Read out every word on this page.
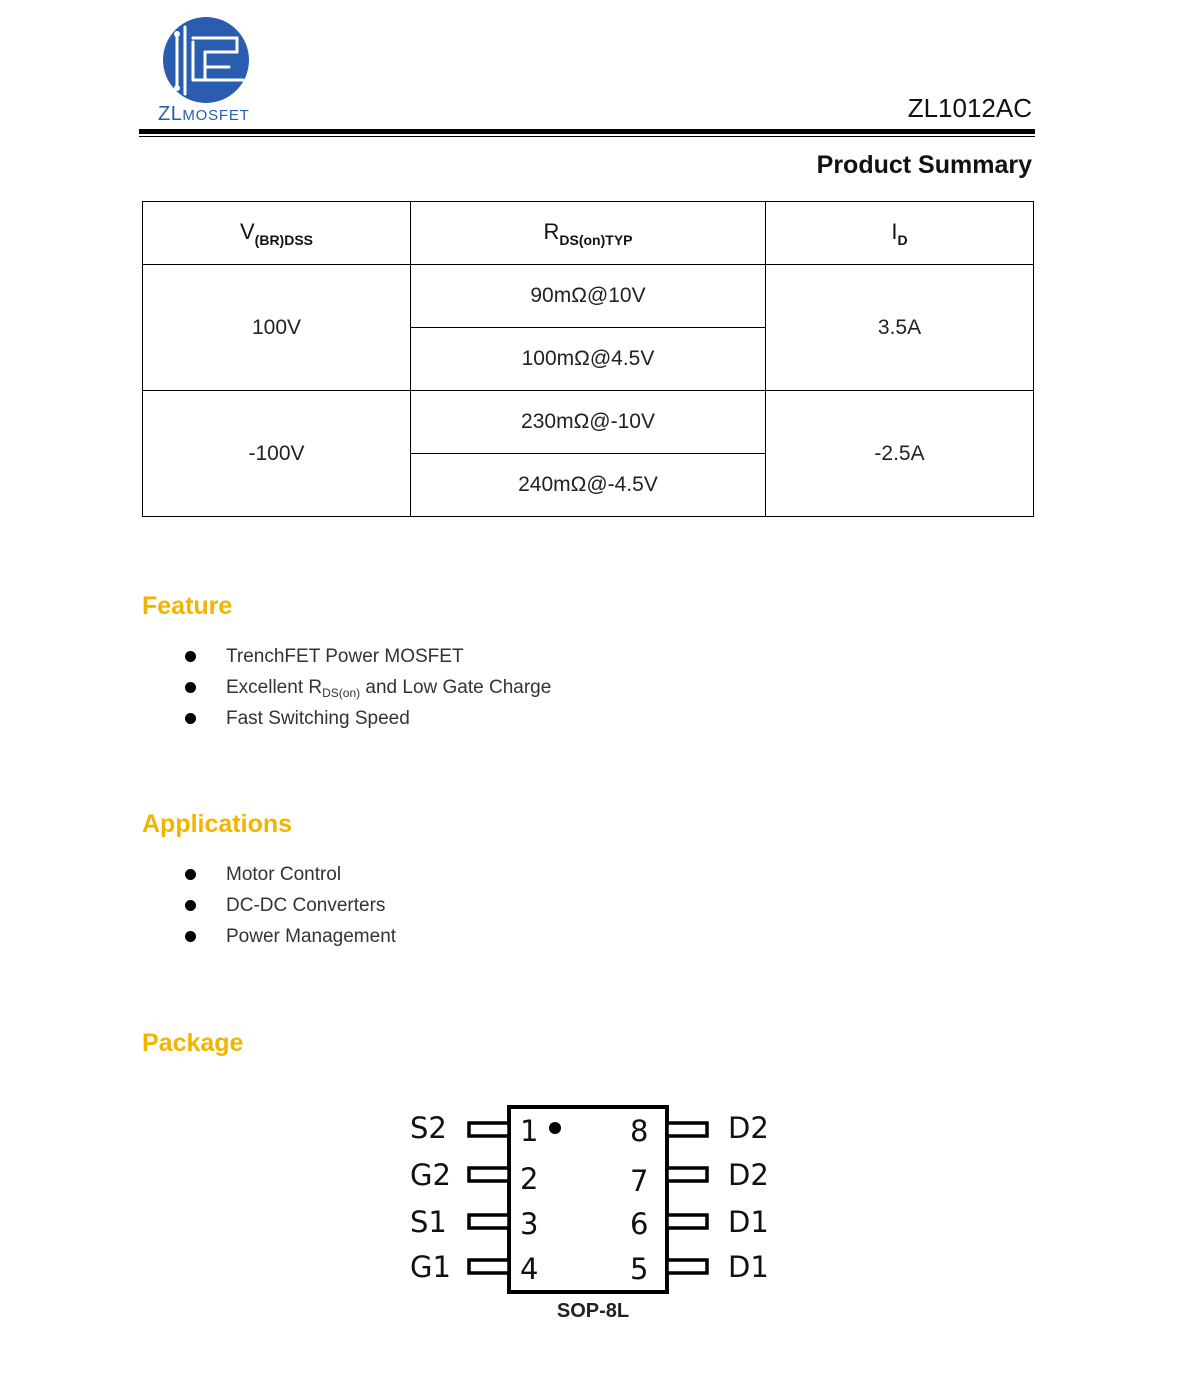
ZLMOSFET	ZL1012AC
Product Summary
$V_{(BR)DSS}$	$R_{DS(on)TYP}$	$I_D$
100V	90mΩ@10V	3.5A
	100mΩ@4.5V	
-100V	230mΩ@-10V	-2.5A
	240mΩ@-4.5V	
Feature
TrenchFET Power MOSFET
Excellent $R_{DS(on)}$ and Low Gate Charge
Fast Switching Speed
Applications
Motor Control
DC-DC Converters
Power Management
Package
S2
G2
S1
G1
1
2
3
4
8
7
6
5
D2
D2
D1
D1
SOP-8L
